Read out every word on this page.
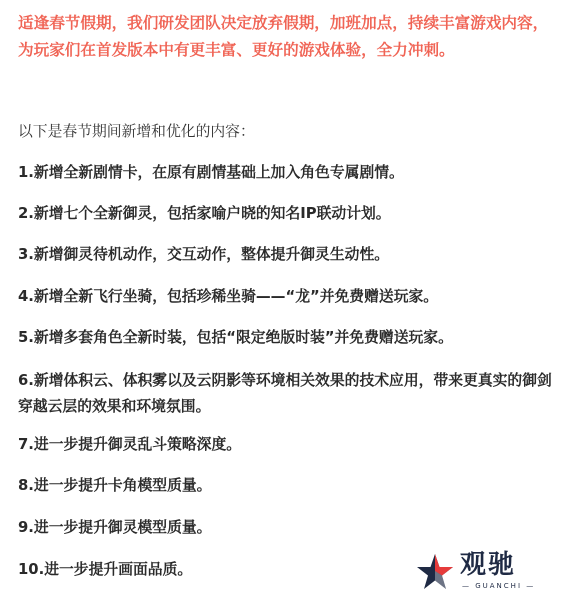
适逢春节假期，我们研发团队决定放弃假期，加班加点，持续丰富游戏内容，为玩家们在首发版本中有更丰富、更好的游戏体验，全力冲刺。

以下是春节期间新增和优化的内容：

1.新增全新剧情卡，在原有剧情基础上加入角色专属剧情。

2.新增七个全新御灵，包括家喻户晓的知名IP联动计划。

3.新增御灵待机动作，交互动作，整体提升御灵生动性。

4.新增全新飞行坐骑，包括珍稀坐骑——“龙”并免费赠送玩家。

5.新增多套角色全新时装，包括“限定绝版时装”并免费赠送玩家。

6.新增体积云、体积雾以及云阴影等环境相关效果的技术应用，带来更真实的御剑穿越云层的效果和环境氛围。

7.进一步提升御灵乱斗策略深度。

8.进一步提升卡角模型质量。

9.进一步提升御灵模型质量。

10.进一步提升画面品质。	观驰
— GUANCHI —
